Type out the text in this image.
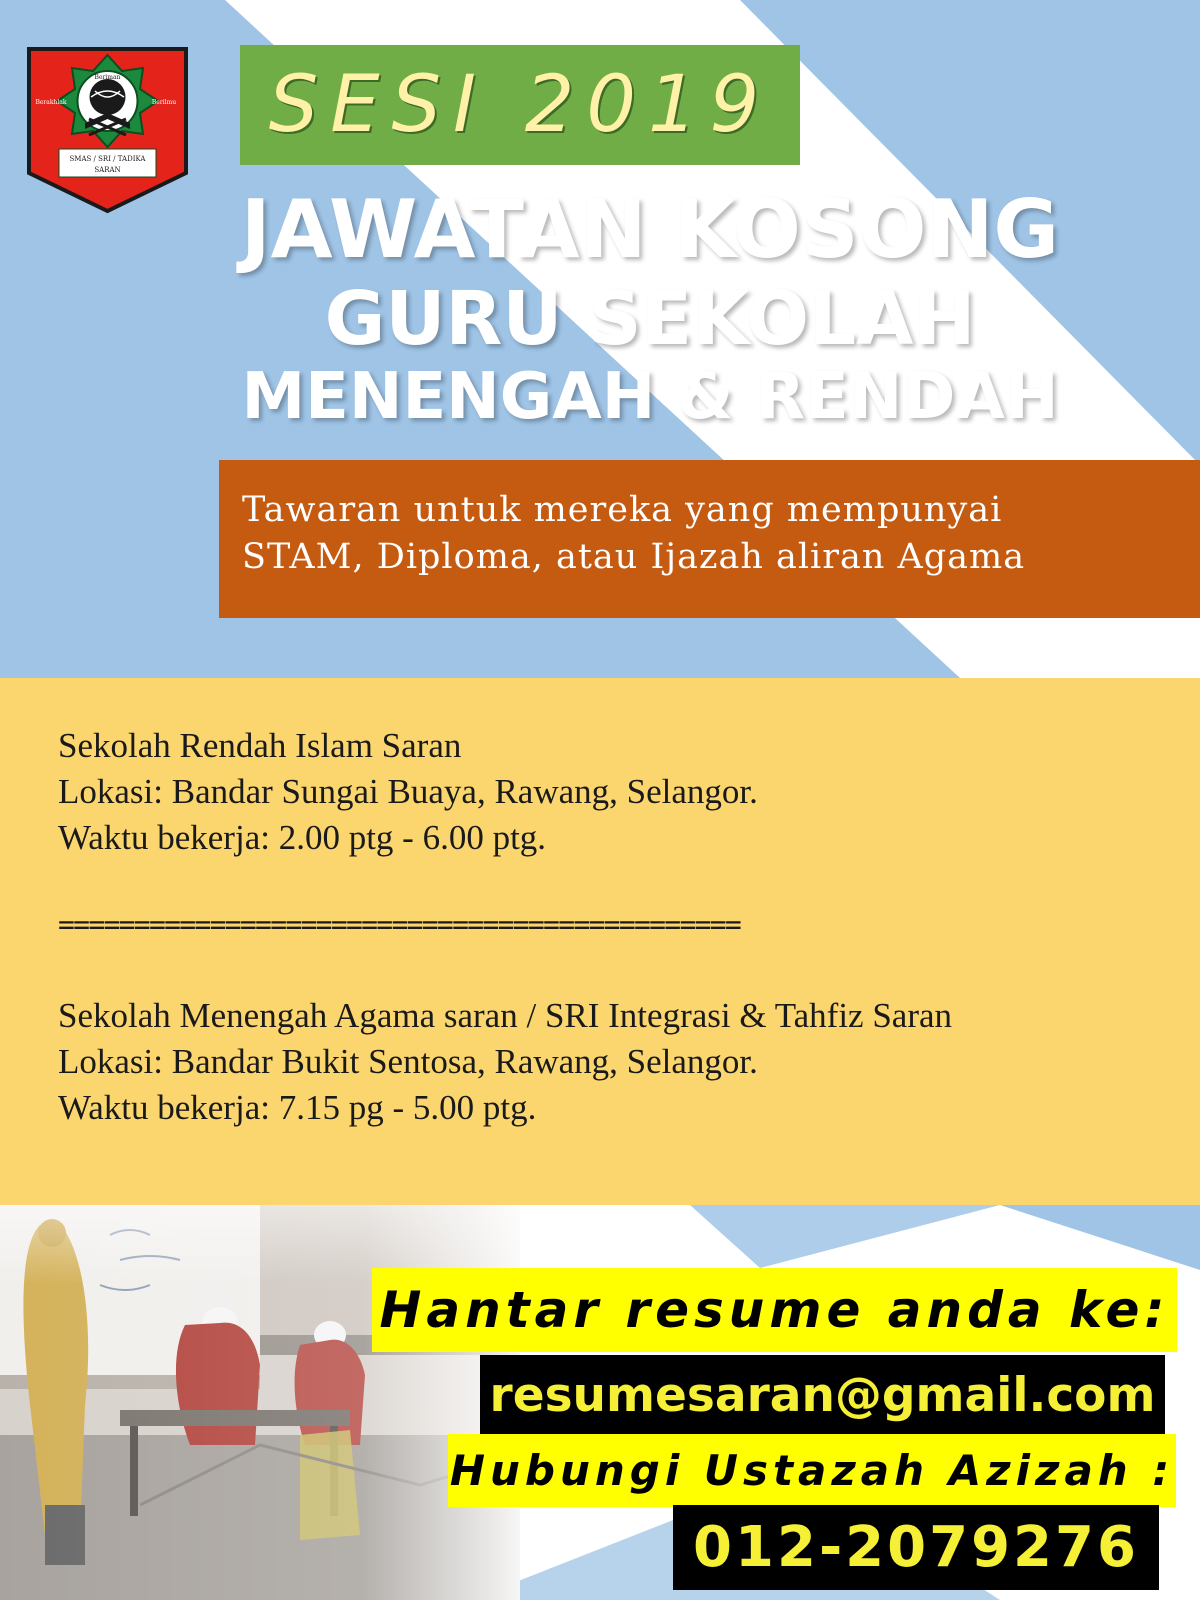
Beriman
Berakhlak	Berilmu
SMAS / SRI / TADIKA
SARAN
SESI 2019
JAWATAN KOSONG
GURU SEKOLAH
MENENGAH & RENDAH
Tawaran untuk mereka yang mempunyai
STAM, Diploma, atau Ijazah aliran Agama
Sekolah Rendah Islam Saran
Lokasi: Bandar Sungai Buaya, Rawang, Selangor.
Waktu bekerja: 2.00 ptg - 6.00 ptg.
=============================================
Sekolah Menengah Agama saran / SRI Integrasi & Tahfiz Saran
Lokasi: Bandar Bukit Sentosa, Rawang, Selangor.
Waktu bekerja: 7.15 pg - 5.00 ptg.
Hantar resume anda ke:
resumesaran@gmail.com
Hubungi Ustazah Azizah :
012-2079276
